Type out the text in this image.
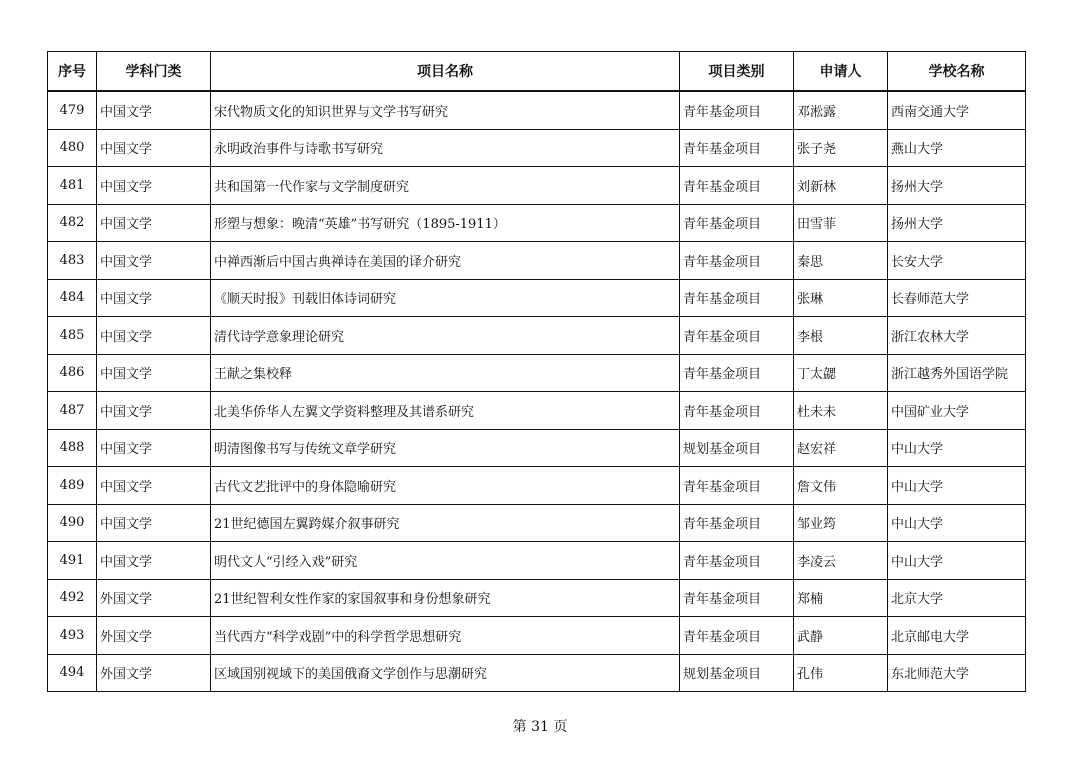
序号	学科门类	项目名称	项目类别	申请人	学校名称
479	中国文学	宋代物质文化的知识世界与文学书写研究	青年基金项目	邓淞露	西南交通大学
480	中国文学	永明政治事件与诗歌书写研究	青年基金项目	张子尧	燕山大学
481	中国文学	共和国第一代作家与文学制度研究	青年基金项目	刘新林	扬州大学
482	中国文学	形塑与想象：晚清“英雄”书写研究（1895-1911）	青年基金项目	田雪菲	扬州大学
483	中国文学	中禅西渐后中国古典禅诗在美国的译介研究	青年基金项目	秦思	长安大学
484	中国文学	《顺天时报》刊载旧体诗词研究	青年基金项目	张琳	长春师范大学
485	中国文学	清代诗学意象理论研究	青年基金项目	李根	浙江农林大学
486	中国文学	王献之集校释	青年基金项目	丁太勰	浙江越秀外国语学院
487	中国文学	北美华侨华人左翼文学资料整理及其谱系研究	青年基金项目	杜未未	中国矿业大学
488	中国文学	明清图像书写与传统文章学研究	规划基金项目	赵宏祥	中山大学
489	中国文学	古代文艺批评中的身体隐喻研究	青年基金项目	詹文伟	中山大学
490	中国文学	21世纪德国左翼跨媒介叙事研究	青年基金项目	邹业筠	中山大学
491	中国文学	明代文人“引经入戏”研究	青年基金项目	李凌云	中山大学
492	外国文学	21世纪智利女性作家的家国叙事和身份想象研究	青年基金项目	郑楠	北京大学
493	外国文学	当代西方“科学戏剧”中的科学哲学思想研究	青年基金项目	武静	北京邮电大学
494	外国文学	区域国别视域下的美国俄裔文学创作与思潮研究	规划基金项目	孔伟	东北师范大学
第 31 页
